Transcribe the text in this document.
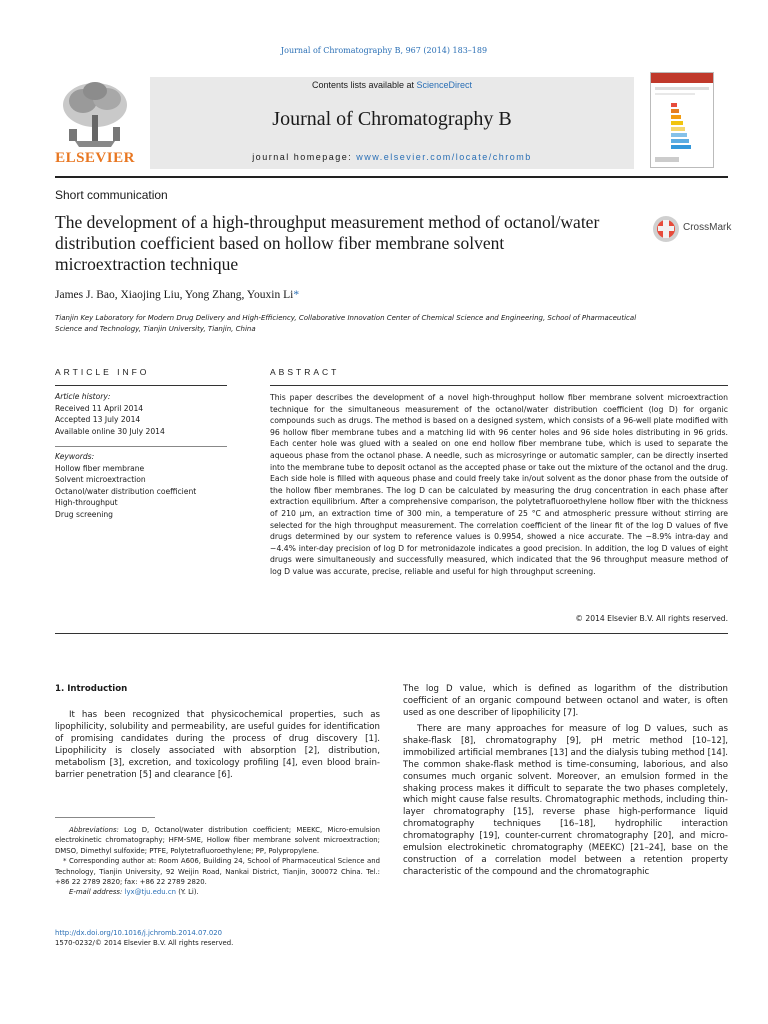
Journal of Chromatography B, 967 (2014) 183–189
ELSEVIER
Contents lists available at ScienceDirect
Journal of Chromatography B
journal homepage: www.elsevier.com/locate/chromb
Short communication
The development of a high-throughput measurement method of octanol/water distribution coefficient based on hollow fiber membrane solvent microextraction technique
CrossMark
James J. Bao, Xiaojing Liu, Yong Zhang, Youxin Li*
Tianjin Key Laboratory for Modern Drug Delivery and High-Efficiency, Collaborative Innovation Center of Chemical Science and Engineering, School of Pharmaceutical Science and Technology, Tianjin University, Tianjin, China
ARTICLE INFO
Article history:
Received 11 April 2014
Accepted 13 July 2014
Available online 30 July 2014
Keywords:
Hollow fiber membrane
Solvent microextraction
Octanol/water distribution coefficient
High-throughput
Drug screening
ABSTRACT
This paper describes the development of a novel high-throughput hollow fiber membrane solvent microextraction technique for the simultaneous measurement of the octanol/water distribution coefficient (log D) for organic compounds such as drugs. The method is based on a designed system, which consists of a 96-well plate modified with 96 hollow fiber membrane tubes and a matching lid with 96 center holes and 96 side holes distributing in 96 grids. Each center hole was glued with a sealed on one end hollow fiber membrane tube, which is used to separate the aqueous phase from the octanol phase. A needle, such as microsyringe or automatic sampler, can be directly inserted into the membrane tube to deposit octanol as the accepted phase or take out the mixture of the octanol and the drug. Each side hole is filled with aqueous phase and could freely take in/out solvent as the donor phase from the outside of the hollow fiber membranes. The log D can be calculated by measuring the drug concentration in each phase after extraction equilibrium. After a comprehensive comparison, the polytetrafluoroethylene hollow fiber with the thickness of 210 μm, an extraction time of 300 min, a temperature of 25 °C and atmospheric pressure without stirring are selected for the high throughput measurement. The correlation coefficient of the linear fit of the log D values of five drugs determined by our system to reference values is 0.9954, showed a nice accurate. The −8.9% intra-day and −4.4% inter-day precision of log D for metronidazole indicates a good precision. In addition, the log D values of eight drugs were simultaneously and successfully measured, which indicated that the 96 throughput measure method of log D value was accurate, precise, reliable and useful for high throughput screening.
© 2014 Elsevier B.V. All rights reserved.
1. Introduction
It has been recognized that physicochemical properties, such as lipophilicity, solubility and permeability, are useful guides for identification of promising candidates during the process of drug discovery [1]. Lipophilicity is closely associated with absorption [2], distribution, metabolism [3], excretion, and toxicology profiling [4], even blood brain-barrier penetration [5] and clearance [6].
Abbreviations: Log D, Octanol/water distribution coefficient; MEEKC, Micro-emulsion electrokinetic chromatography; HFM-SME, Hollow fiber membrane solvent microextraction; DMSO, Dimethyl sulfoxide; PTFE, Polytetrafluoroethylene; PP, Polypropylene.
* Corresponding author at: Room A606, Building 24, School of Pharmaceutical Science and Technology, Tianjin University, 92 Weijin Road, Nankai District, Tianjin, 300072 China. Tel.: +86 22 2789 2820; fax: +86 22 2789 2820.
E-mail address: lyx@tju.edu.cn (Y. Li).
http://dx.doi.org/10.1016/j.jchromb.2014.07.020
1570-0232/© 2014 Elsevier B.V. All rights reserved.
The log D value, which is defined as logarithm of the distribution coefficient of an organic compound between octanol and water, is often used as one describer of lipophilicity [7].
There are many approaches for measure of log D values, such as shake-flask [8], chromatography [9], pH metric method [10–12], immobilized artificial membranes [13] and the dialysis tubing method [14]. The common shake-flask method is time-consuming, laborious, and also consumes much organic solvent. Moreover, an emulsion formed in the shaking process makes it difficult to separate the two phases completely, which might cause false results. Chromatographic methods, including thin-layer chromatography [15], reverse phase high-performance liquid chromatography techniques [16–18], hydrophilic interaction chromatography [19], counter-current chromatography [20], and micro-emulsion electrokinetic chromatography (MEEKC) [21–24], base on the construction of a correlation model between a retention property characteristic of the compound and the chromatographic
